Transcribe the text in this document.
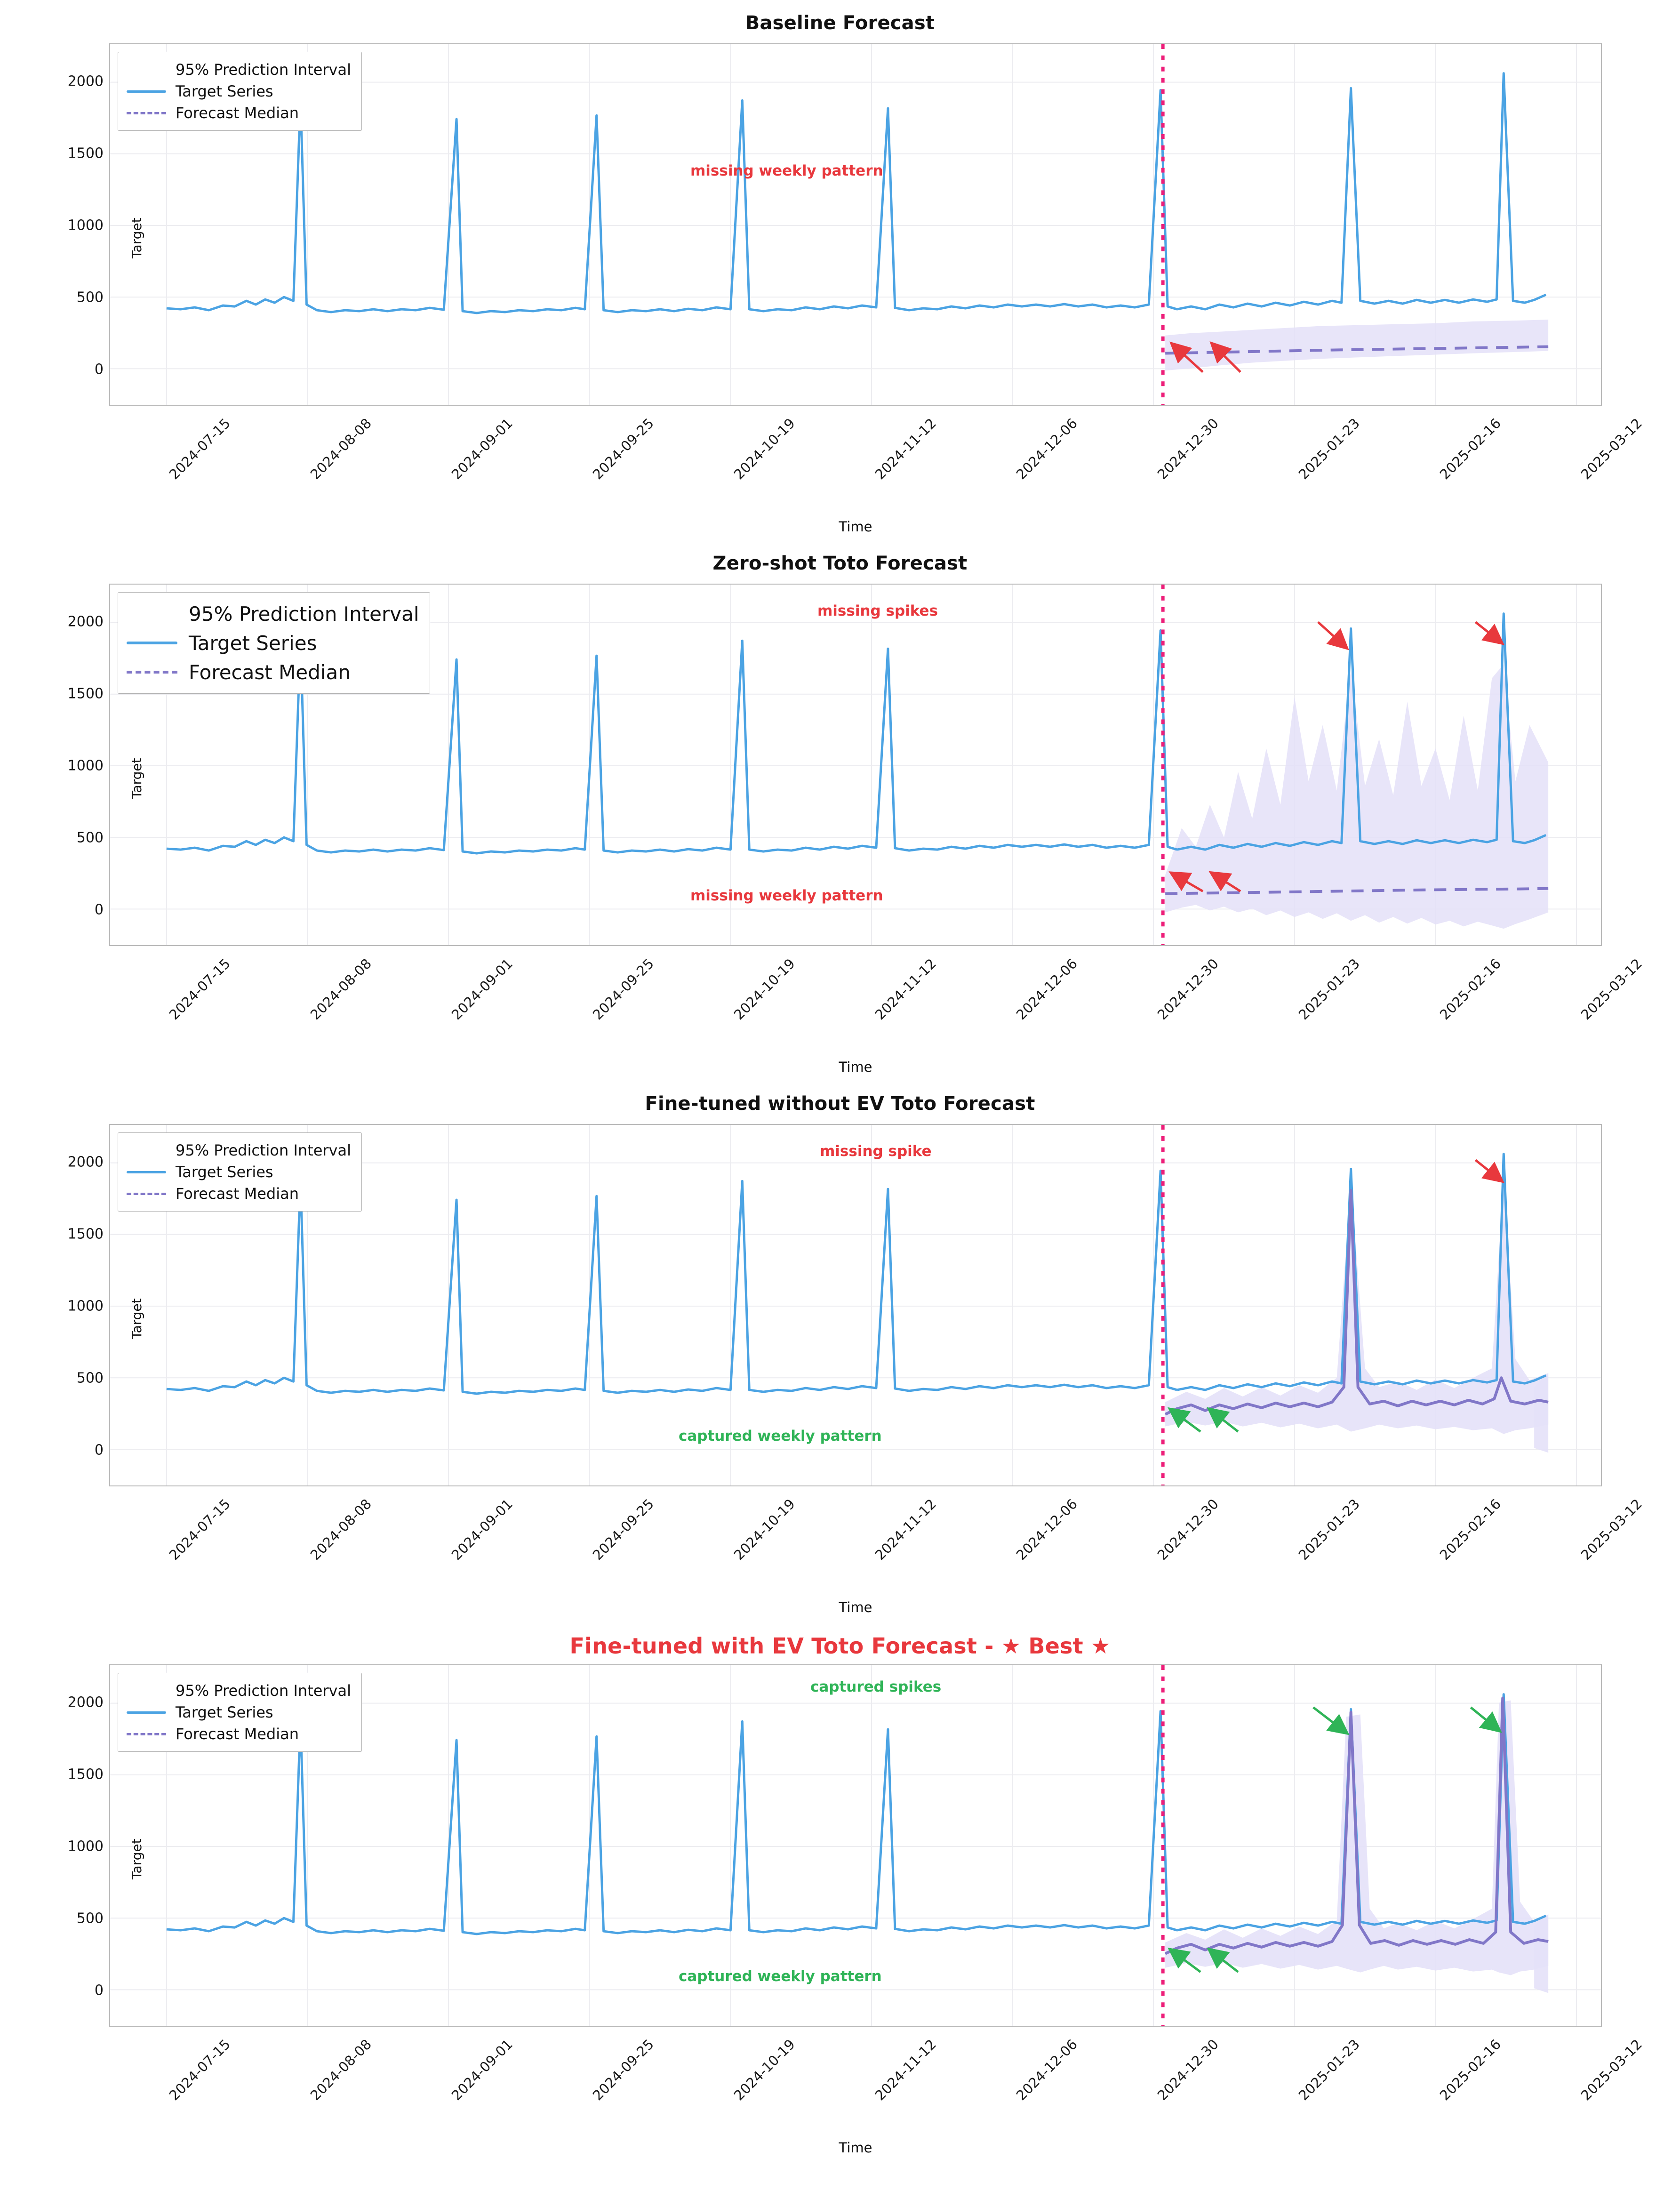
Baseline Forecast
95% Prediction Interval
Target Series
Forecast Median
missing weekly pattern
0
500
1000
1500
2000
Target
2024-07-15	2024-08-08	2024-09-01	2024-09-25	2024-10-19	2024-11-12	2024-12-06	2024-12-30	2025-01-23	2025-02-16	2025-03-12
Time
Zero-shot Toto Forecast
95% Prediction Interval
Target Series
Forecast Median
missing spikes
missing weekly pattern
0
500
1000
1500
2000
Target
2024-07-15	2024-08-08	2024-09-01	2024-09-25	2024-10-19	2024-11-12	2024-12-06	2024-12-30	2025-01-23	2025-02-16	2025-03-12
Time
Fine-tuned without EV Toto Forecast
95% Prediction Interval
Target Series
Forecast Median
missing spike
captured weekly pattern
0
500
1000
1500
2000
Target
2024-07-15	2024-08-08	2024-09-01	2024-09-25	2024-10-19	2024-11-12	2024-12-06	2024-12-30	2025-01-23	2025-02-16	2025-03-12
Time
Fine-tuned with EV Toto Forecast - ★ Best ★
95% Prediction Interval
Target Series
Forecast Median
captured spikes
captured weekly pattern
0
500
1000
1500
2000
Target
2024-07-15	2024-08-08	2024-09-01	2024-09-25	2024-10-19	2024-11-12	2024-12-06	2024-12-30	2025-01-23	2025-02-16	2025-03-12
Time
